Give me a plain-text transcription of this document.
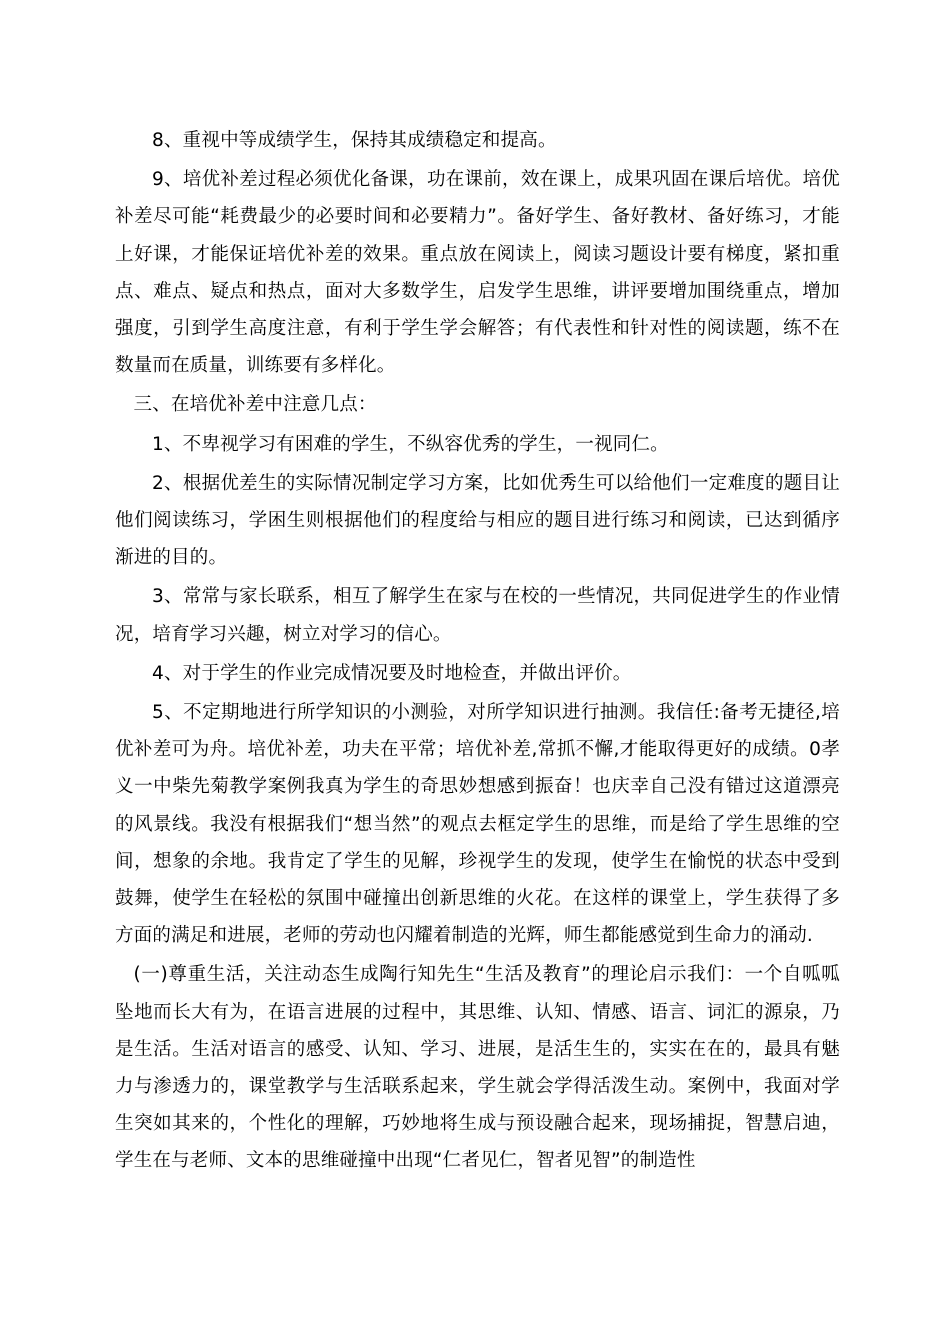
8、重视中等成绩学生，保持其成绩稳定和提高。

9、培优补差过程必须优化备课，功在课前，效在课上，成果巩固在课后培优。培优补差尽可能“耗费最少的必要时间和必要精力”。备好学生、备好教材、备好练习，才能上好课，才能保证培优补差的效果。重点放在阅读上，阅读习题设计要有梯度，紧扣重点、难点、疑点和热点，面对大多数学生，启发学生思维，讲评要增加围绕重点，增加强度，引到学生高度注意，有利于学生学会解答；有代表性和针对性的阅读题，练不在数量而在质量，训练要有多样化。

三、在培优补差中注意几点：

1、不卑视学习有困难的学生，不纵容优秀的学生，一视同仁。

2、根据优差生的实际情况制定学习方案，比如优秀生可以给他们一定难度的题目让他们阅读练习，学困生则根据他们的程度给与相应的题目进行练习和阅读，已达到循序渐进的目的。

3、常常与家长联系，相互了解学生在家与在校的一些情况，共同促进学生的作业情况，培育学习兴趣，树立对学习的信心。

4、对于学生的作业完成情况要及时地检查，并做出评价。

5、不定期地进行所学知识的小测验，对所学知识进行抽测。我信任:备考无捷径,培优补差可为舟。培优补差，功夫在平常；培优补差,常抓不懈,才能取得更好的成绩。0孝义一中柴先菊教学案例我真为学生的奇思妙想感到振奋！也庆幸自己没有错过这道漂亮的风景线。我没有根据我们“想当然”的观点去框定学生的思维，而是给了学生思维的空间，想象的余地。我肯定了学生的见解，珍视学生的发现，使学生在愉悦的状态中受到鼓舞，使学生在轻松的氛围中碰撞出创新思维的火花。在这样的课堂上，学生获得了多方面的满足和进展，老师的劳动也闪耀着制造的光辉，师生都能感觉到生命力的涌动.

(一)尊重生活，关注动态生成陶行知先生“生活及教育”的理论启示我们：一个自呱呱坠地而长大有为，在语言进展的过程中，其思维、认知、情感、语言、词汇的源泉，乃是生活。生活对语言的感受、认知、学习、进展，是活生生的，实实在在的，最具有魅力与渗透力的，课堂教学与生活联系起来，学生就会学得活泼生动。案例中，我面对学生突如其来的，个性化的理解，巧妙地将生成与预设融合起来，现场捕捉，智慧启迪，学生在与老师、文本的思维碰撞中出现“仁者见仁，智者见智”的制造性
